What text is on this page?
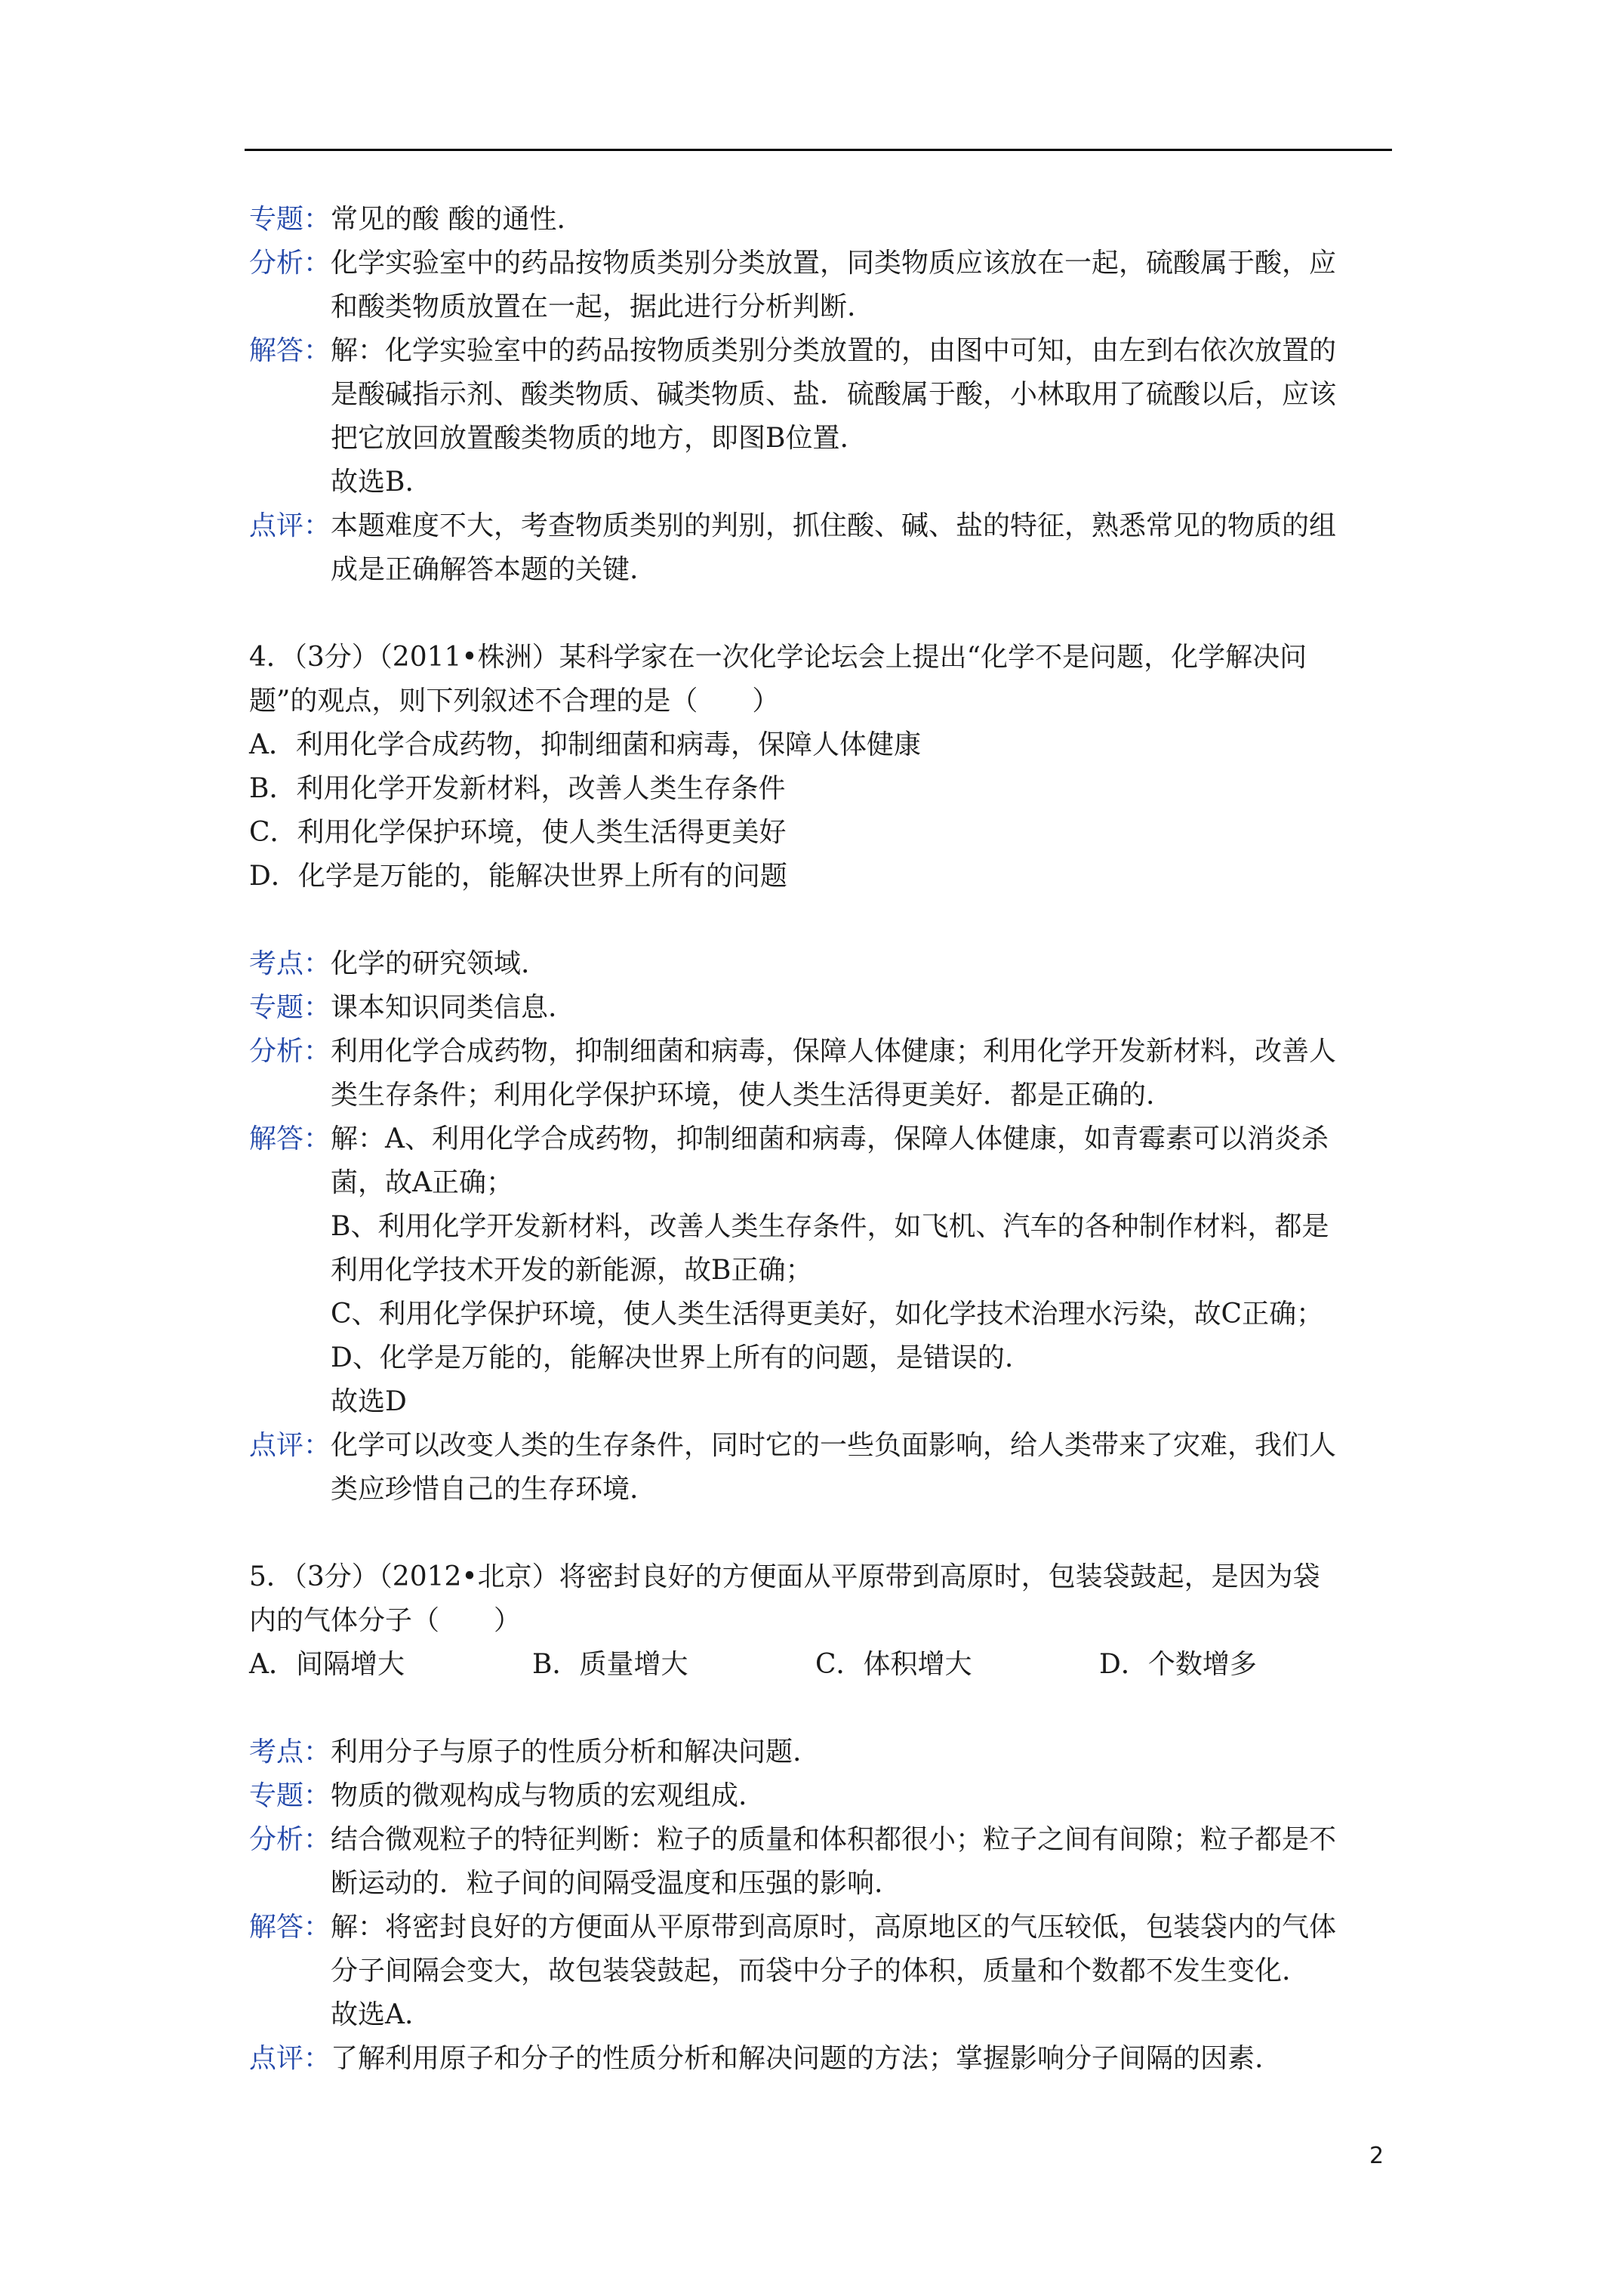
专题： 常见的酸 酸的通性.
分析： 化学实验室中的药品按物质类别分类放置，同类物质应该放在一起，硫酸属于酸，应
和酸类物质放置在一起，据此进行分析判断.
解答： 解：化学实验室中的药品按物质类别分类放置的，由图中可知，由左到右依次放置的
是酸碱指示剂、酸类物质、碱类物质、盐．硫酸属于酸，小林取用了硫酸以后，应该
把它放回放置酸类物质的地方，即图B位置.
故选B.
点评： 本题难度不大，考查物质类别的判别，抓住酸、碱、盐的特征，熟悉常见的物质的组
成是正确解答本题的关键.
4．（3分）（2011•株洲）某科学家在一次化学论坛会上提出“化学不是问题，化学解决问
题”的观点，则下列叙述不合理的是（　　）
A．利用化学合成药物，抑制细菌和病毒，保障人体健康
B．利用化学开发新材料，改善人类生存条件
C．利用化学保护环境，使人类生活得更美好
D．化学是万能的，能解决世界上所有的问题
考点： 化学的研究领域.
专题： 课本知识同类信息.
分析： 利用化学合成药物，抑制细菌和病毒，保障人体健康；利用化学开发新材料，改善人
类生存条件；利用化学保护环境，使人类生活得更美好．都是正确的.
解答： 解：A、利用化学合成药物，抑制细菌和病毒，保障人体健康，如青霉素可以消炎杀
菌，故A正确；
B、利用化学开发新材料，改善人类生存条件，如飞机、汽车的各种制作材料，都是
利用化学技术开发的新能源，故B正确；
C、利用化学保护环境，使人类生活得更美好，如化学技术治理水污染，故C正确；
D、化学是万能的，能解决世界上所有的问题，是错误的.
故选D
点评： 化学可以改变人类的生存条件，同时它的一些负面影响，给人类带来了灾难，我们人
类应珍惜自己的生存环境.
5．（3分）（2012•北京）将密封良好的方便面从平原带到高原时，包装袋鼓起，是因为袋
内的气体分子（　　）
A．间隔增大	B．质量增大	C．体积增大	D．个数增多
考点： 利用分子与原子的性质分析和解决问题.
专题： 物质的微观构成与物质的宏观组成.
分析： 结合微观粒子的特征判断：粒子的质量和体积都很小；粒子之间有间隙；粒子都是不
断运动的．粒子间的间隔受温度和压强的影响.
解答： 解：将密封良好的方便面从平原带到高原时，高原地区的气压较低，包装袋内的气体
分子间隔会变大，故包装袋鼓起，而袋中分子的体积，质量和个数都不发生变化.
故选A.
点评： 了解利用原子和分子的性质分析和解决问题的方法；掌握影响分子间隔的因素.
2
